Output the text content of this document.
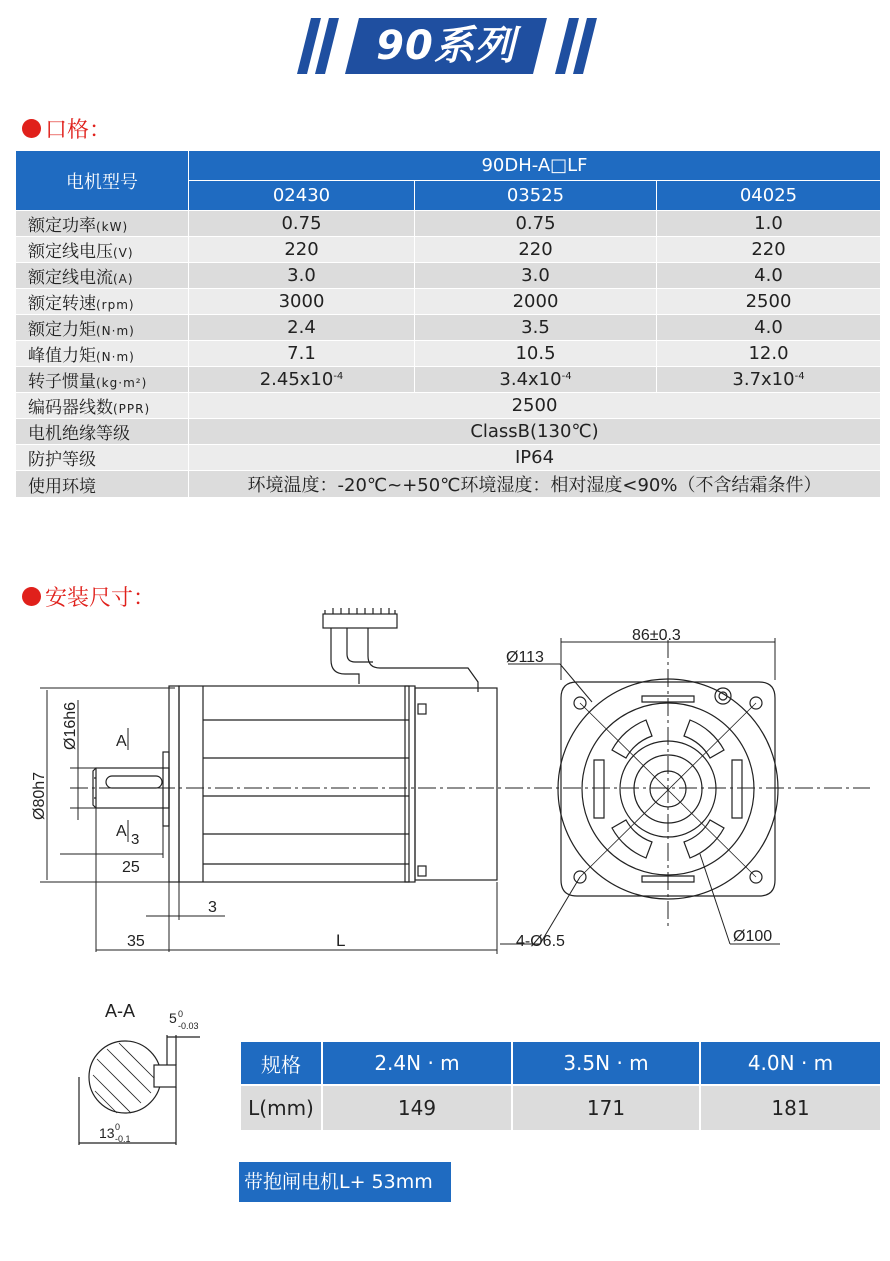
90系列
口格：
电机型号	90DH-A□LF		
	02430	03525	04025
额定功率(kW)	0.75	0.75	1.0
额定线电压(V)	220	220	220
额定线电流(A)	3.0	3.0	4.0
额定转速(rpm)	3000	2000	2500
额定力矩(N·m)	2.4	3.5	4.0
峰值力矩(N·m)	7.1	10.5	12.0
转子惯量(kg·m²)	$2.45x10^{-4}$	$3.4x10^{-4}$	$3.7x10^{-4}$
编码器线数(PPR)	2500		
电机绝缘等级	ClassB(130℃)		
防护等级	IP64		
使用环境	环境温度：-20℃~+50℃环境湿度：相对湿度<90%（不含结霜条件）		
安装尺寸：
86±0.3
Ø113
Ø16h6
Ø80h7
A
A 3
25
3
35	L	4-Ø6.5	Ø100
A-A 5 0
-0.03
13 0
-0.1
规格	2.4N · m	3.5N · m	4.0N · m
L(mm)	149	171	181
带抱闸电机L+ 53mm
